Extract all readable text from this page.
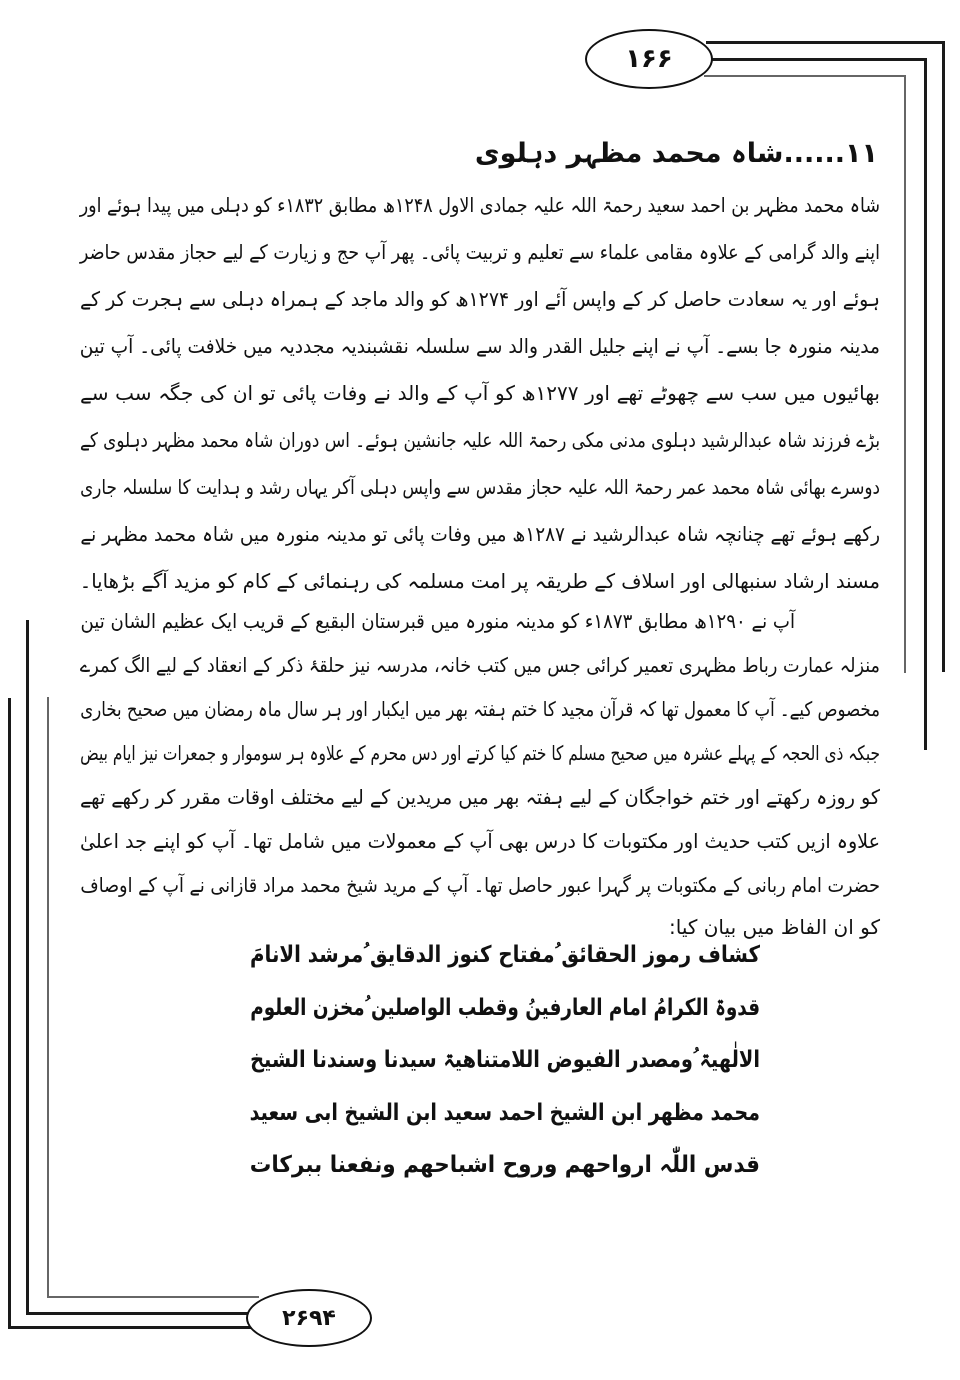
۱۶۶
۲۶۹۴
۱۱......شاہ محمد مظہر دہلوی
شاہ محمد مظہر بن احمد سعید رحمۃ اللہ علیہ جمادی الاول ۱۲۴۸ھ مطابق ۱۸۳۲ء کو دہلی میں پیدا ہوئے اور
اپنے والد گرامی کے علاوہ مقامی علماء سے تعلیم و تربیت پائی۔ پھر آپ حج و زیارت کے لیے حجاز مقدس حاضر
ہوئے اور یہ سعادت حاصل کر کے واپس آئے اور ۱۲۷۴ھ کو والد ماجد کے ہمراہ دہلی سے ہجرت کر کے
مدینہ منورہ جا بسے۔ آپ نے اپنے جلیل القدر والد سے سلسلہ نقشبندیہ مجددیہ میں خلافت پائی۔ آپ تین
بھائیوں میں سب سے چھوٹے تھے اور ۱۲۷۷ھ کو آپ کے والد نے وفات پائی تو ان کی جگہ سب سے
بڑے فرزند شاہ عبدالرشید دہلوی مدنی مکی رحمۃ اللہ علیہ جانشین ہوئے۔ اس دوران شاہ محمد مظہر دہلوی کے
دوسرے بھائی شاہ محمد عمر رحمۃ اللہ علیہ حجاز مقدس سے واپس دہلی آکر یہاں رشد و ہدایت کا سلسلہ جاری
رکھے ہوئے تھے چنانچہ شاہ عبدالرشید نے ۱۲۸۷ھ میں وفات پائی تو مدینہ منورہ میں شاہ محمد مظہر نے
مسند ارشاد سنبھالی اور اسلاف کے طریقہ پر امت مسلمہ کی رہنمائی کے کام کو مزید آگے بڑھایا۔
آپ نے ۱۲۹۰ھ مطابق ۱۸۷۳ء کو مدینہ منورہ میں قبرستان البقیع کے قریب ایک عظیم الشان تین
منزلہ عمارت رباط مظہری تعمیر کرائی جس میں کتب خانہ، مدرسہ نیز حلقۂ ذکر کے انعقاد کے لیے الگ کمرے
مخصوص کیے۔ آپ کا معمول تھا کہ قرآن مجید کا ختم ہفتہ بھر میں ایکبار اور ہر سال ماہ رمضان میں صحیح بخاری
جبکہ ذی الحجہ کے پہلے عشرہ میں صحیح مسلم کا ختم کیا کرتے اور دس محرم کے علاوہ ہر سوموار و جمعرات نیز ایام بیض
کو روزہ رکھتے اور ختم خواجگان کے لیے ہفتہ بھر میں مریدین کے لیے مختلف اوقات مقرر کر رکھے تھے
علاوہ ازیں کتب حدیث اور مکتوبات کا درس بھی آپ کے معمولات میں شامل تھا۔ آپ کو اپنے جد اعلیٰ
حضرت امام ربانی کے مکتوبات پر گہرا عبور حاصل تھا۔ آپ کے مرید شیخ محمد مراد قازانی نے آپ کے اوصاف
کو ان الفاظ میں بیان کیا:
کشاف رموز الحقائق ُمفتاح کنوز الدقایق ُمرشد الانامَ
قدوۃ الکرامُ امام العارفینُ وقطب الواصلین ُمخزن العلوم
الالٰھیۃ ُومصدر الفیوض اللامتناھیۃ سیدنا وسندنا الشیخ
محمد مظھر ابن الشیخ احمد سعید ابن الشیخ ابی سعید
قدس اللّٰہ ارواحھم وروح اشباحھم ونفعنا ببرکات
